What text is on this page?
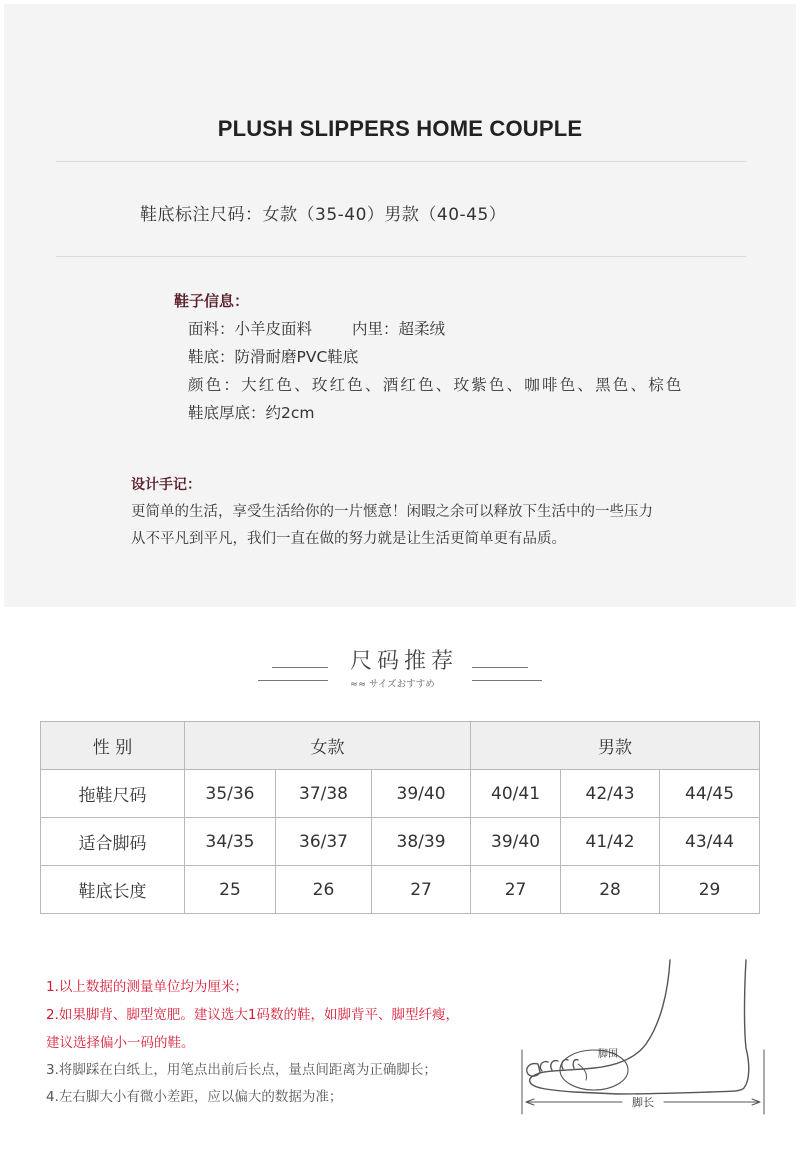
PLUSH SLIPPERS HOME COUPLE
鞋底标注尺码：女款（35-40）男款（40-45）
鞋子信息：
面料：小羊皮面料	内里：超柔绒
鞋底：防滑耐磨PVC鞋底
颜色：大红色、玫红色、酒红色、玫紫色、咖啡色、黑色、棕色
鞋底厚底：约2cm
设计手记：
更简单的生活，享受生活给你的一片惬意！闲暇之余可以释放下生活中的一些压力
从不平凡到平凡，我们一直在做的努力就是让生活更简单更有品质。
尺码推荐
≈≈ サイズおすすめ
性 别	女款			男款		
拖鞋尺码	35/36	37/38	39/40	40/41	42/43	44/45
适合脚码	34/35	36/37	38/39	39/40	41/42	43/44
鞋底长度	25	26	27	27	28	29
1.以上数据的测量单位均为厘米；
2.如果脚背、脚型宽肥。建议选大1码数的鞋，如脚背平、脚型纤瘦，
建议选择偏小一码的鞋。
3.将脚踩在白纸上，用笔点出前后长点，量点间距离为正确脚长；
4.左右脚大小有微小差距，应以偏大的数据为准；
脚围
脚长
